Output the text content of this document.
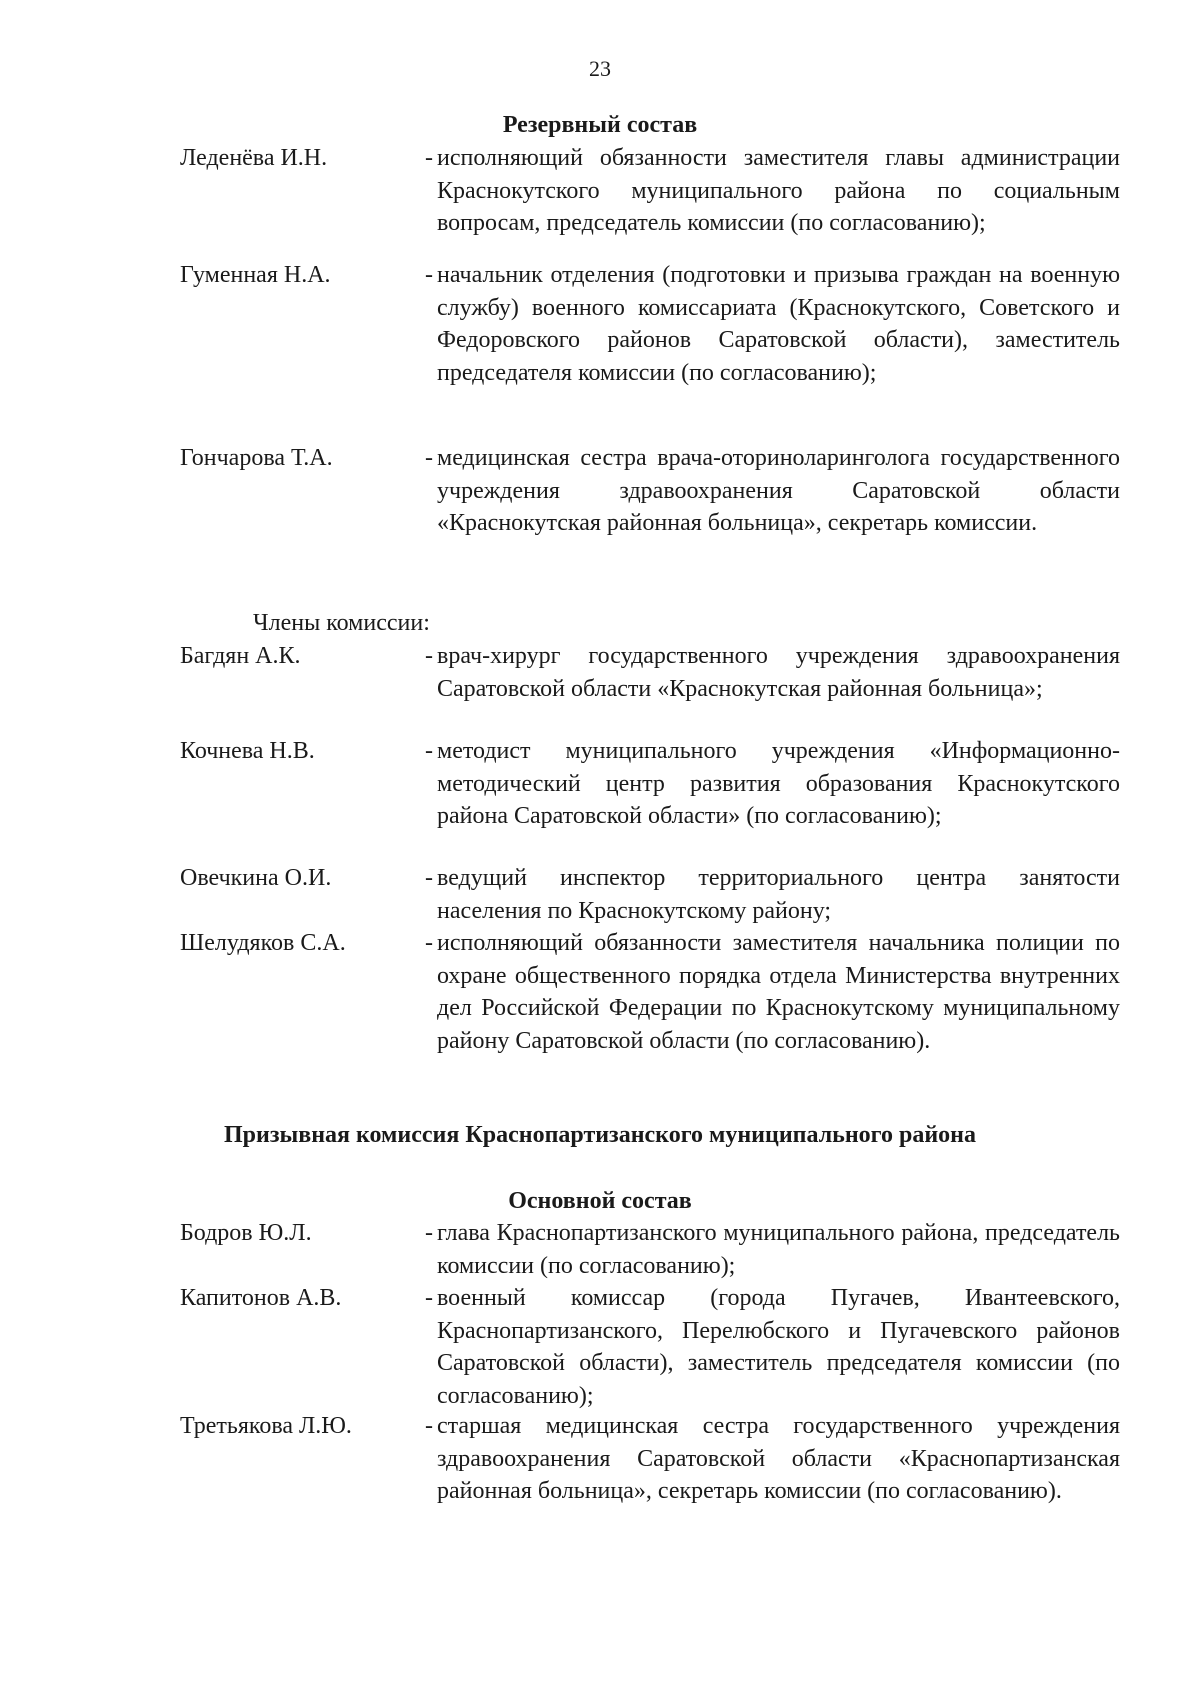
23
Резервный состав
Леденёва И.Н.	- исполняющий обязанности заместителя главы администрации Краснокутского муниципального района по социальным вопросам, председатель комиссии (по согласованию);
Гуменная Н.А.	- начальник отделения (подготовки и призыва граждан на военную службу) военного комиссариата (Краснокутского, Советского и Федоровского районов Саратовской области), заместитель председателя комиссии (по согласованию);
Гончарова Т.А.	- медицинская сестра врача-оториноларинголога государственного учреждения здравоохранения Саратовской области «Краснокутская районная больница», секретарь комиссии.
Члены комиссии:
Багдян А.К.	- врач-хирург государственного учреждения здравоохранения Саратовской области «Краснокутская районная больница»;
Кочнева Н.В.	- методист муниципального учреждения «Информационно-методический центр развития образования Краснокутского района Саратовской области» (по согласованию);
Овечкина О.И.	- ведущий инспектор территориального центра занятости населения по Краснокутскому району;
Шелудяков С.А.	- исполняющий обязанности заместителя начальника полиции по охране общественного порядка отдела Министерства внутренних дел Российской Федерации по Краснокутскому муниципальному району Саратовской области (по согласованию).
Призывная комиссия Краснопартизанского муниципального района
Основной состав
Бодров Ю.Л.	- глава Краснопартизанского муниципального района, председатель комиссии (по согласованию);
Капитонов А.В.	- военный комиссар (города Пугачев, Ивантеевского, Краснопартизанского, Перелюбского и Пугачевского районов Саратовской области), заместитель председателя комиссии (по согласованию);
Третьякова Л.Ю.	- старшая медицинская сестра государственного учреждения здравоохранения Саратовской области «Краснопартизанская районная больница», секретарь комиссии (по согласованию).
